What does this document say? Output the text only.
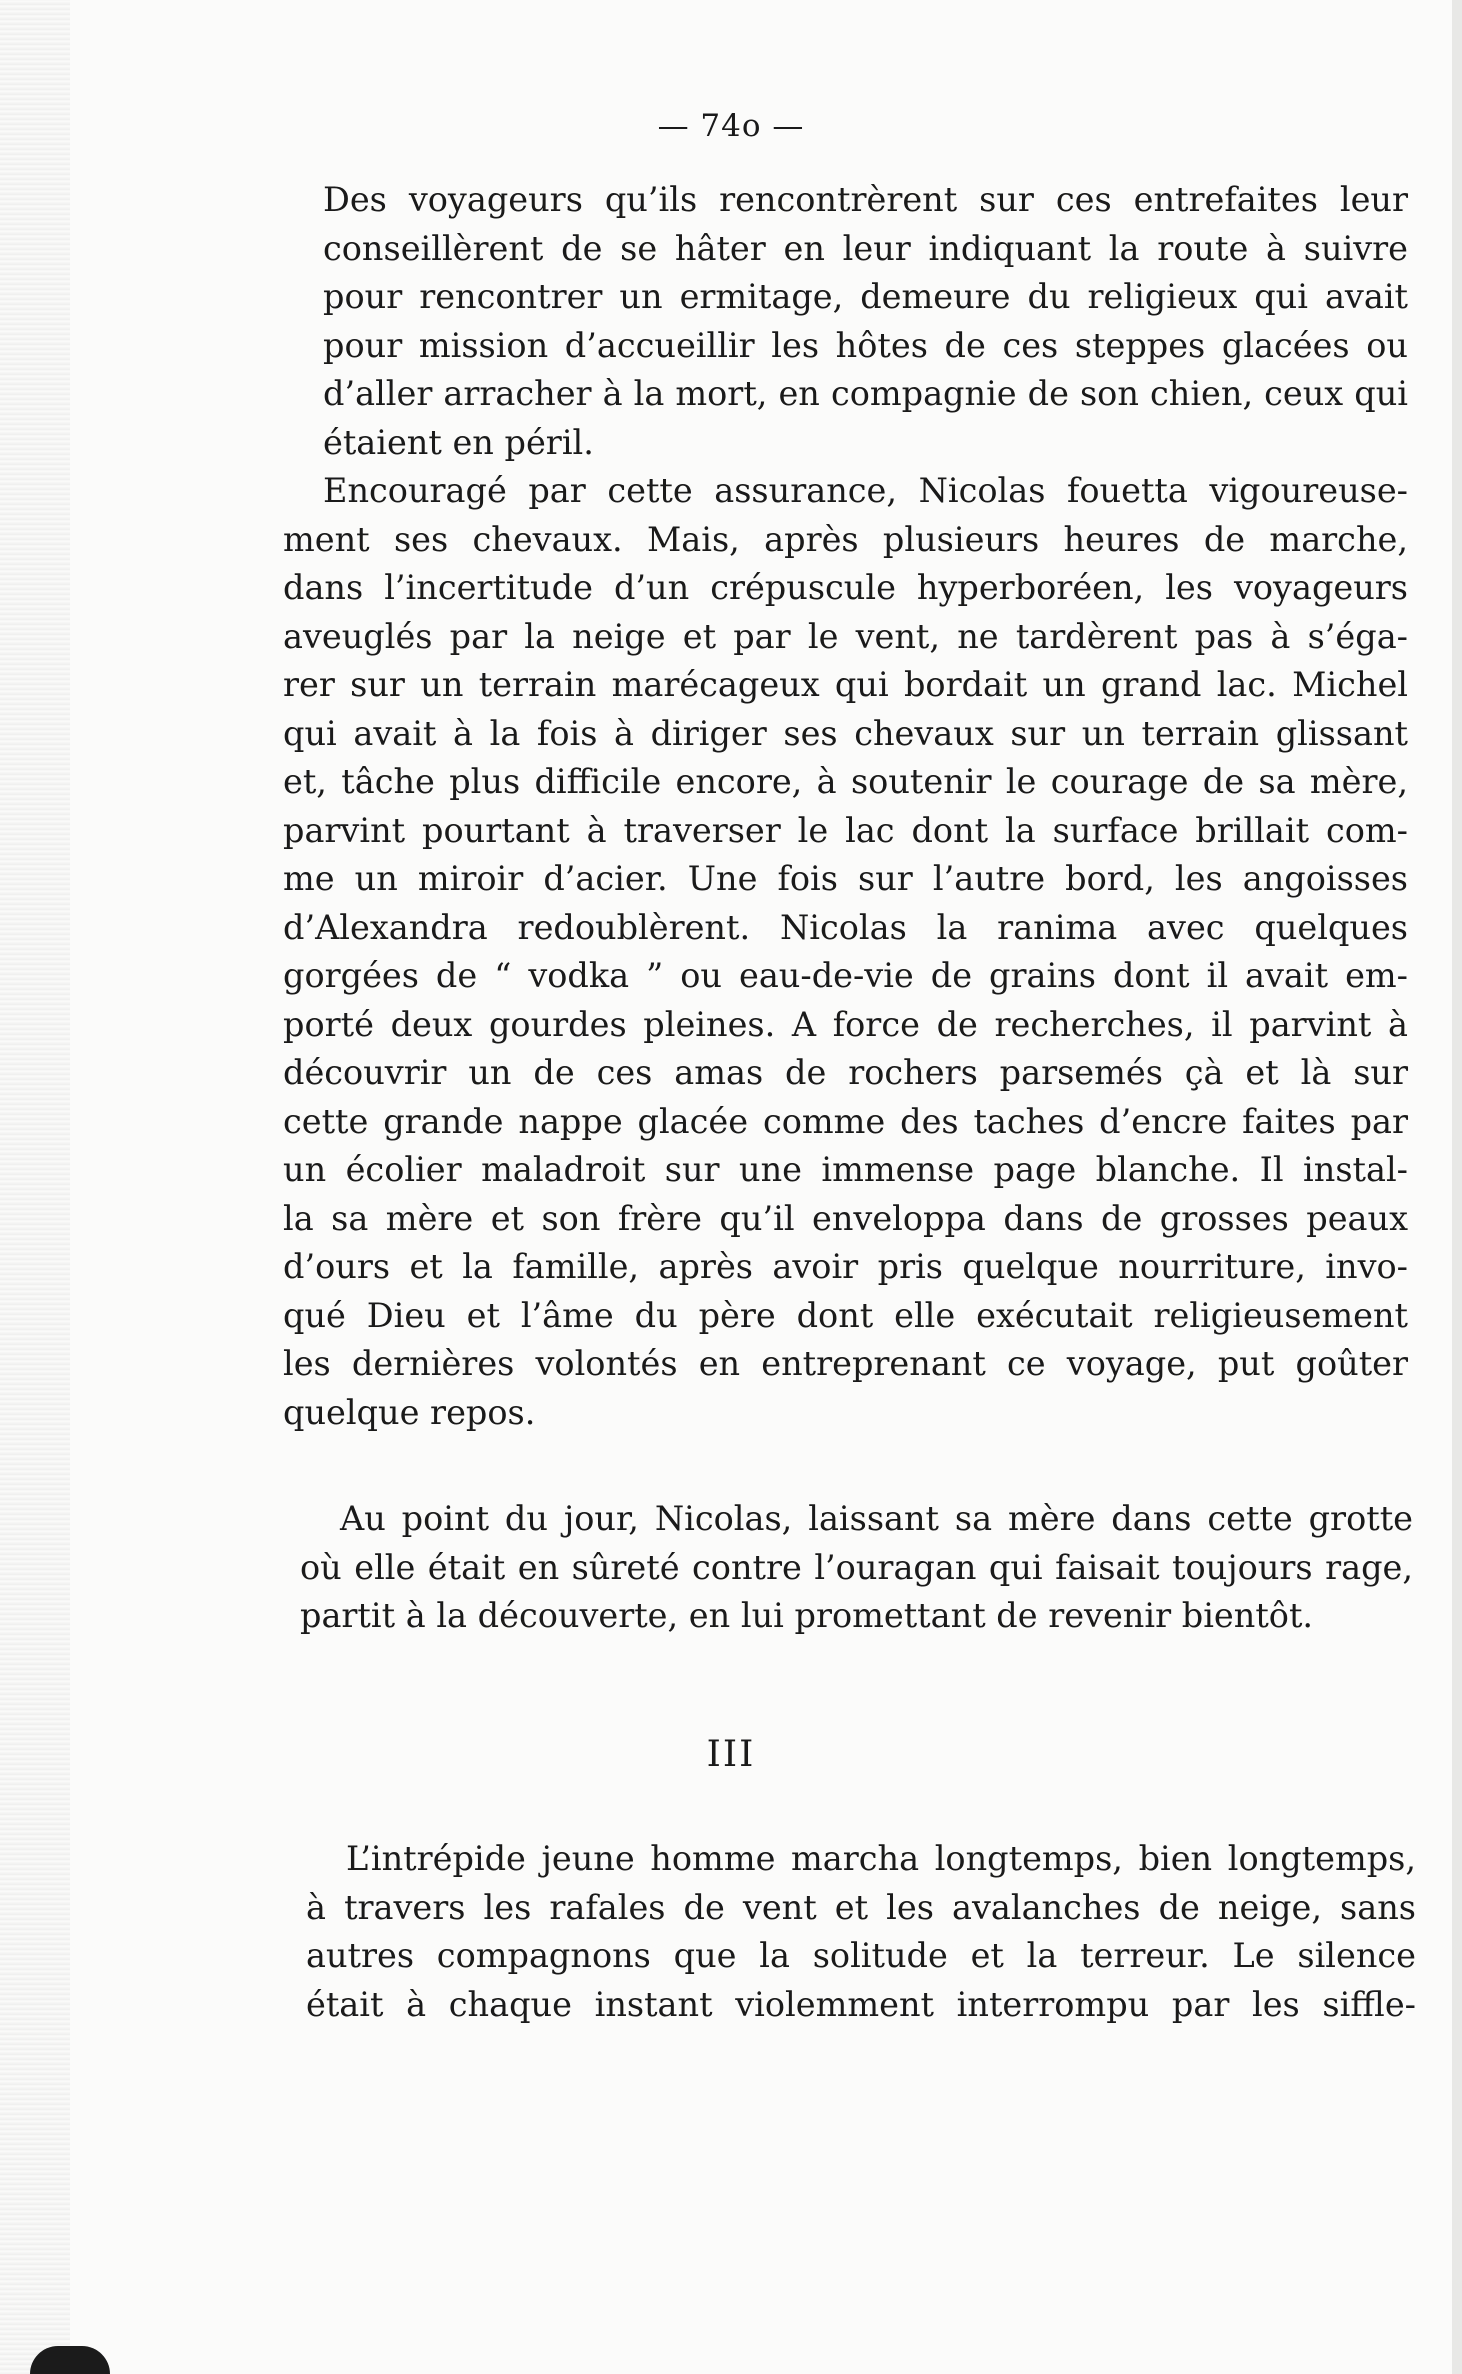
— 74⁠o —
Des voyageurs qu’ils rencontrèrent sur ces entrefaites leur
conseillèrent de se hâter en leur indiquant la route à suivre
pour rencontrer un ermitage, demeure du religieux qui avait
pour mission d’accueillir les hôtes de ces steppes glacées ou
d’aller arracher à la mort, en compagnie de son chien, ceux qui
étaient en péril.
Encouragé par cette assurance, Nicolas fouetta vigoureuse-
ment ses chevaux. Mais, après plusieurs heures de marche,
dans l’incertitude d’un crépuscule hyperboréen, les voyageurs
aveuglés par la neige et par le vent, ne tardèrent pas à s’éga-
rer sur un terrain marécageux qui bordait un grand lac. Michel
qui avait à la fois à diriger ses chevaux sur un terrain glissant
et, tâche plus difficile encore, à soutenir le courage de sa mère,
parvint pourtant à traverser le lac dont la surface brillait com-
me un miroir d’acier. Une fois sur l’autre bord, les angoisses
d’Alexandra redoublèrent. Nicolas la ranima avec quelques
gorgées de “ vodka ” ou eau-de-vie de grains dont il avait em-
porté deux gourdes pleines. A force de recherches, il parvint à
découvrir un de ces amas de rochers parsemés çà et là sur
cette grande nappe glacée comme des taches d’encre faites par
un écolier maladroit sur une immense page blanche. Il instal-
la sa mère et son frère qu’il enveloppa dans de grosses peaux
d’ours et la famille, après avoir pris quelque nourriture, invo-
qué Dieu et l’âme du père dont elle exécutait religieusement
les dernières volontés en entreprenant ce voyage, put goûter
quelque repos.
Au point du jour, Nicolas, laissant sa mère dans cette grotte
où elle était en sûreté contre l’ouragan qui faisait toujours rage,
partit à la découverte, en lui promettant de revenir bientôt.
III
L’intrépide jeune homme marcha longtemps, bien longtemps,
à travers les rafales de vent et les avalanches de neige, sans
autres compagnons que la solitude et la terreur. Le silence
était à chaque instant violemment interrompu par les siffle-
